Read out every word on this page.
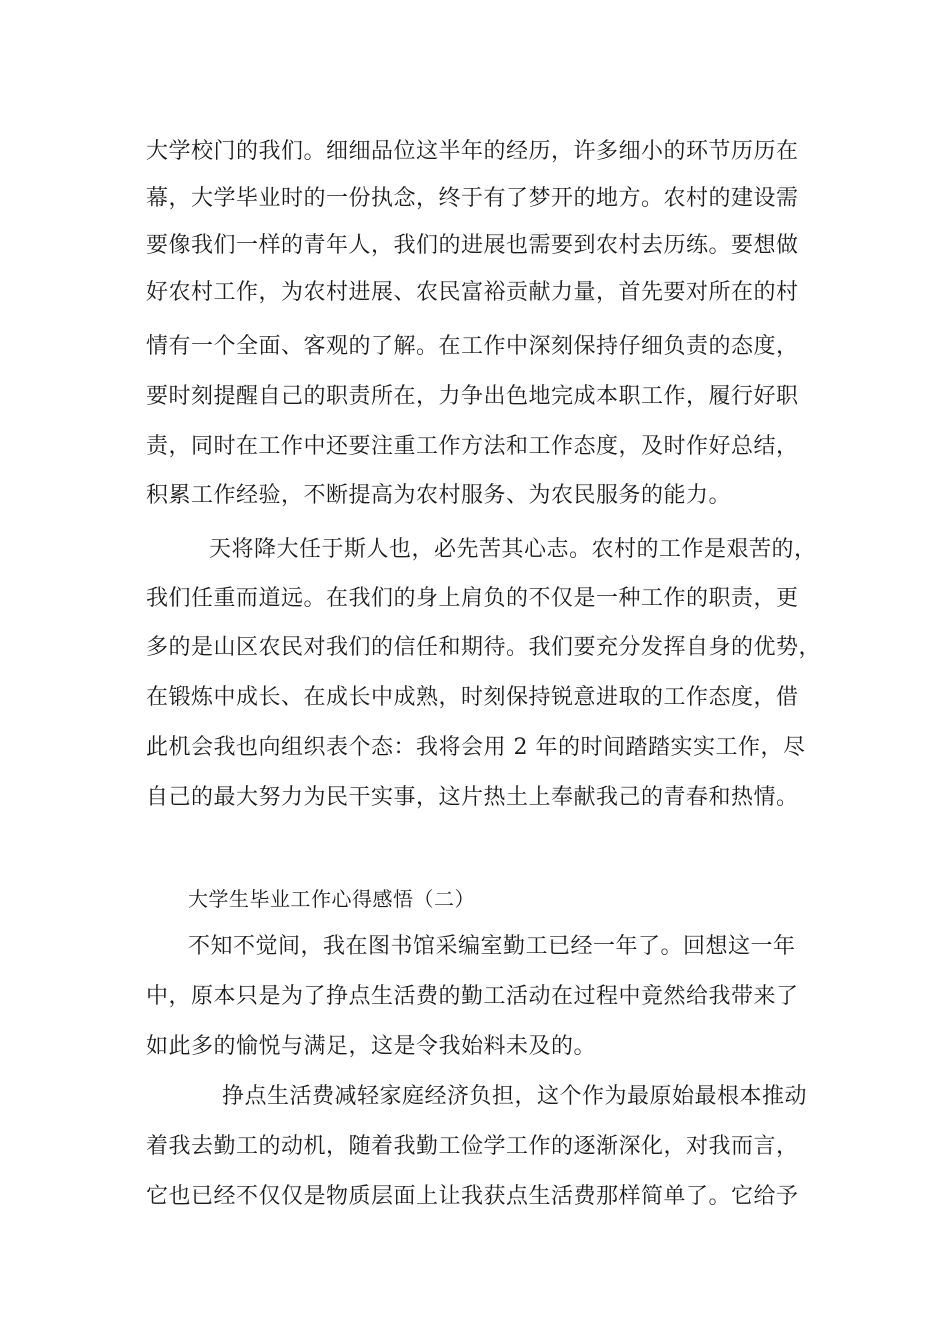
大学校门的我们。细细品位这半年的经历，许多细小的环节历历在
幕，大学毕业时的一份执念，终于有了梦开的地方。农村的建设需
要像我们一样的青年人，我们的进展也需要到农村去历练。要想做
好农村工作，为农村进展、农民富裕贡献力量，首先要对所在的村
情有一个全面、客观的了解。在工作中深刻保持仔细负责的态度，
要时刻提醒自己的职责所在，力争出色地完成本职工作，履行好职
责，同时在工作中还要注重工作方法和工作态度，及时作好总结，
积累工作经验，不断提高为农村服务、为农民服务的能力。
天将降大任于斯人也，必先苦其心志。农村的工作是艰苦的，
我们任重而道远。在我们的身上肩负的不仅是一种工作的职责，更
多的是山区农民对我们的信任和期待。我们要充分发挥自身的优势，
在锻炼中成长、在成长中成熟，时刻保持锐意进取的工作态度，借
此机会我也向组织表个态：我将会用 2 年的时间踏踏实实工作，尽
自己的最大努力为民干实事，这片热土上奉献我己的青春和热情。
大学生毕业工作心得感悟（二）
不知不觉间，我在图书馆采编室勤工已经一年了。回想这一年
中，原本只是为了挣点生活费的勤工活动在过程中竟然给我带来了
如此多的愉悦与满足，这是令我始料未及的。
挣点生活费减轻家庭经济负担，这个作为最原始最根本推动
着我去勤工的动机，随着我勤工俭学工作的逐渐深化，对我而言，
它也已经不仅仅是物质层面上让我获点生活费那样简单了。它给予
